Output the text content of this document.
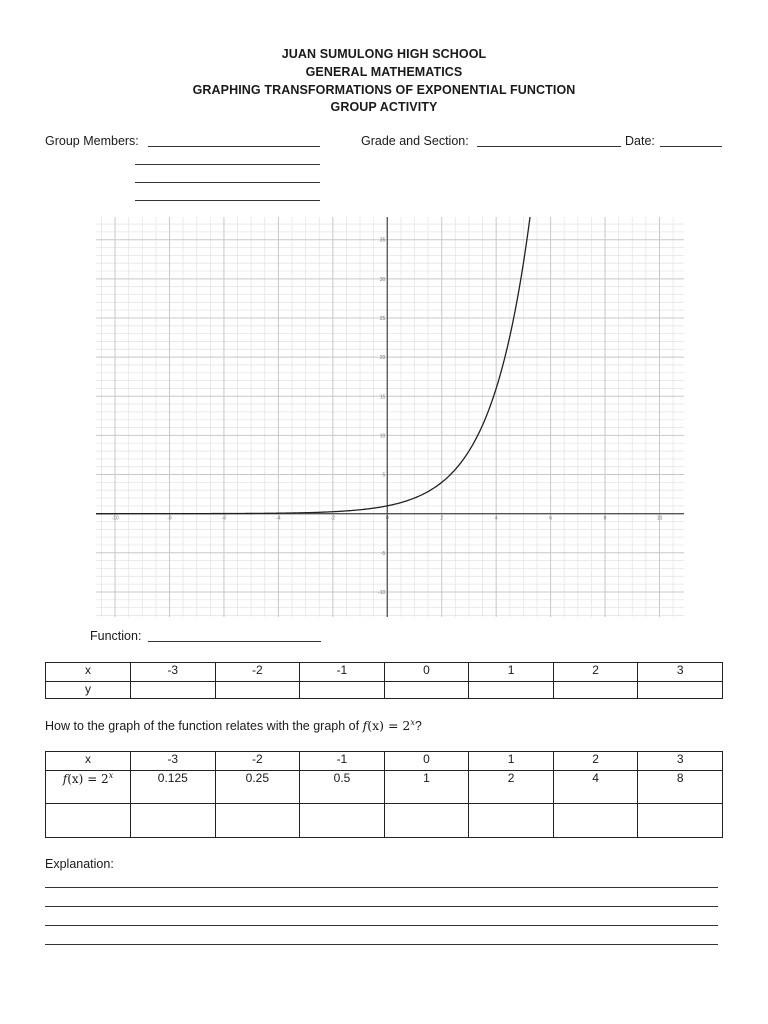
JUAN SUMULONG HIGH SCHOOL
GENERAL MATHEMATICS
GRAPHING TRANSFORMATIONS OF EXPONENTIAL FUNCTION
GROUP ACTIVITY
Group Members:	Grade and Section:	Date:
-10	-8	-6	-4	-2	0	2	4	6	8	10
-10
-5
5
10
15
20
25
30
35
Function:
x	-3	-2	-1	0	1	2	3
y							
How to the graph of the function relates with the graph of $f(x) = 2^x$?
x	-3	-2	-1	0	1	2	3
$f(x) = 2^x$	0.125	0.25	0.5	1	2	4	8

Explanation:
